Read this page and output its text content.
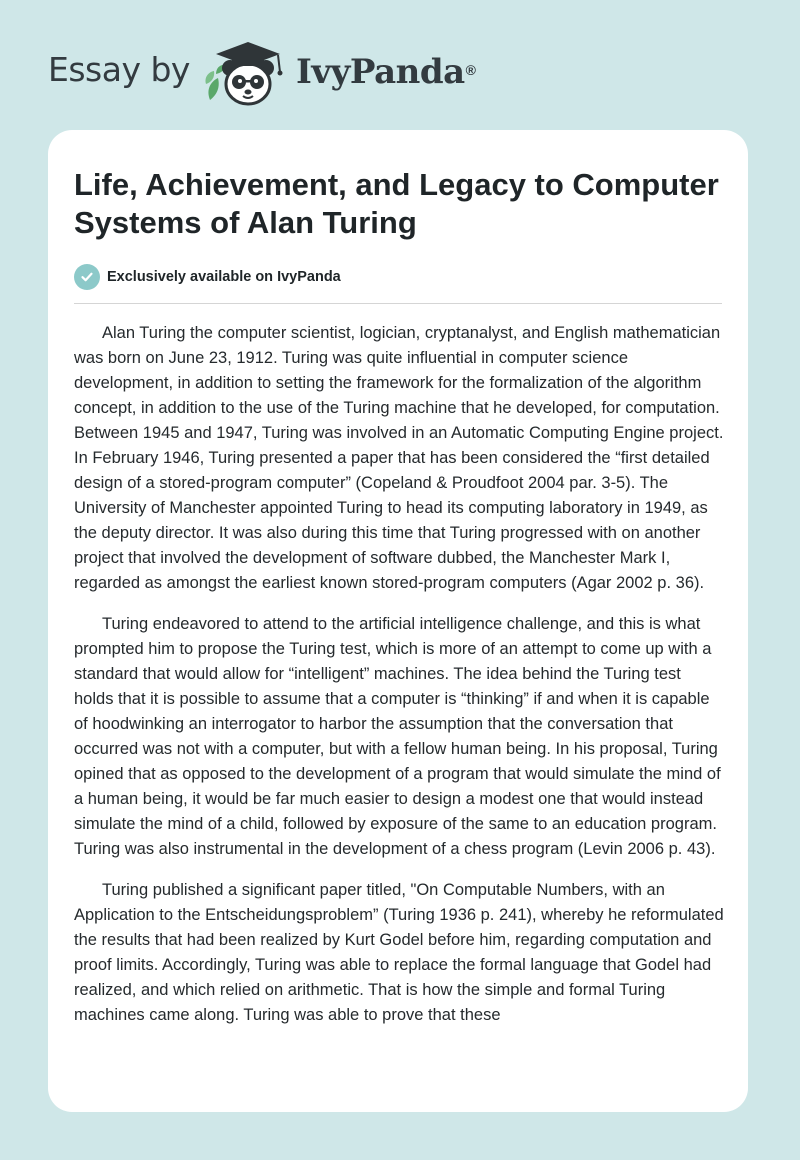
Essay by	IvyPanda®
Life, Achievement, and Legacy to Computer Systems of Alan Turing
Exclusively available on IvyPanda

Alan Turing the computer scientist, logician, cryptanalyst, and English mathematician was born on June 23, 1912. Turing was quite influential in computer science development, in addition to setting the framework for the formalization of the algorithm concept, in addition to the use of the Turing machine that he developed, for computation. Between 1945 and 1947, Turing was involved in an Automatic Computing Engine project. In February 1946, Turing presented a paper that has been considered the “first detailed design of a stored-program computer” (Copeland & Proudfoot 2004 par. 3-5). The University of Manchester appointed Turing to head its computing laboratory in 1949, as the deputy director. It was also during this time that Turing progressed with on another project that involved the development of software dubbed, the Manchester Mark I, regarded as amongst the earliest known stored-program computers (Agar 2002 p. 36).

Turing endeavored to attend to the artificial intelligence challenge, and this is what prompted him to propose the Turing test, which is more of an attempt to come up with a standard that would allow for “intelligent” machines. The idea behind the Turing test holds that it is possible to assume that a computer is “thinking” if and when it is capable of hoodwinking an interrogator to harbor the assumption that the conversation that occurred was not with a computer, but with a fellow human being. In his proposal, Turing opined that as opposed to the development of a program that would simulate the mind of a human being, it would be far much easier to design a modest one that would instead simulate the mind of a child, followed by exposure of the same to an education program. Turing was also instrumental in the development of a chess program (Levin 2006 p. 43).

Turing published a significant paper titled, "On Computable Numbers, with an Application to the Entscheidungsproblem” (Turing 1936 p. 241), whereby he reformulated the results that had been realized by Kurt Godel before him, regarding computation and proof limits. Accordingly, Turing was able to replace the formal language that Godel had realized, and which relied on arithmetic. That is how the simple and formal Turing machines came along. Turing was able to prove that these
